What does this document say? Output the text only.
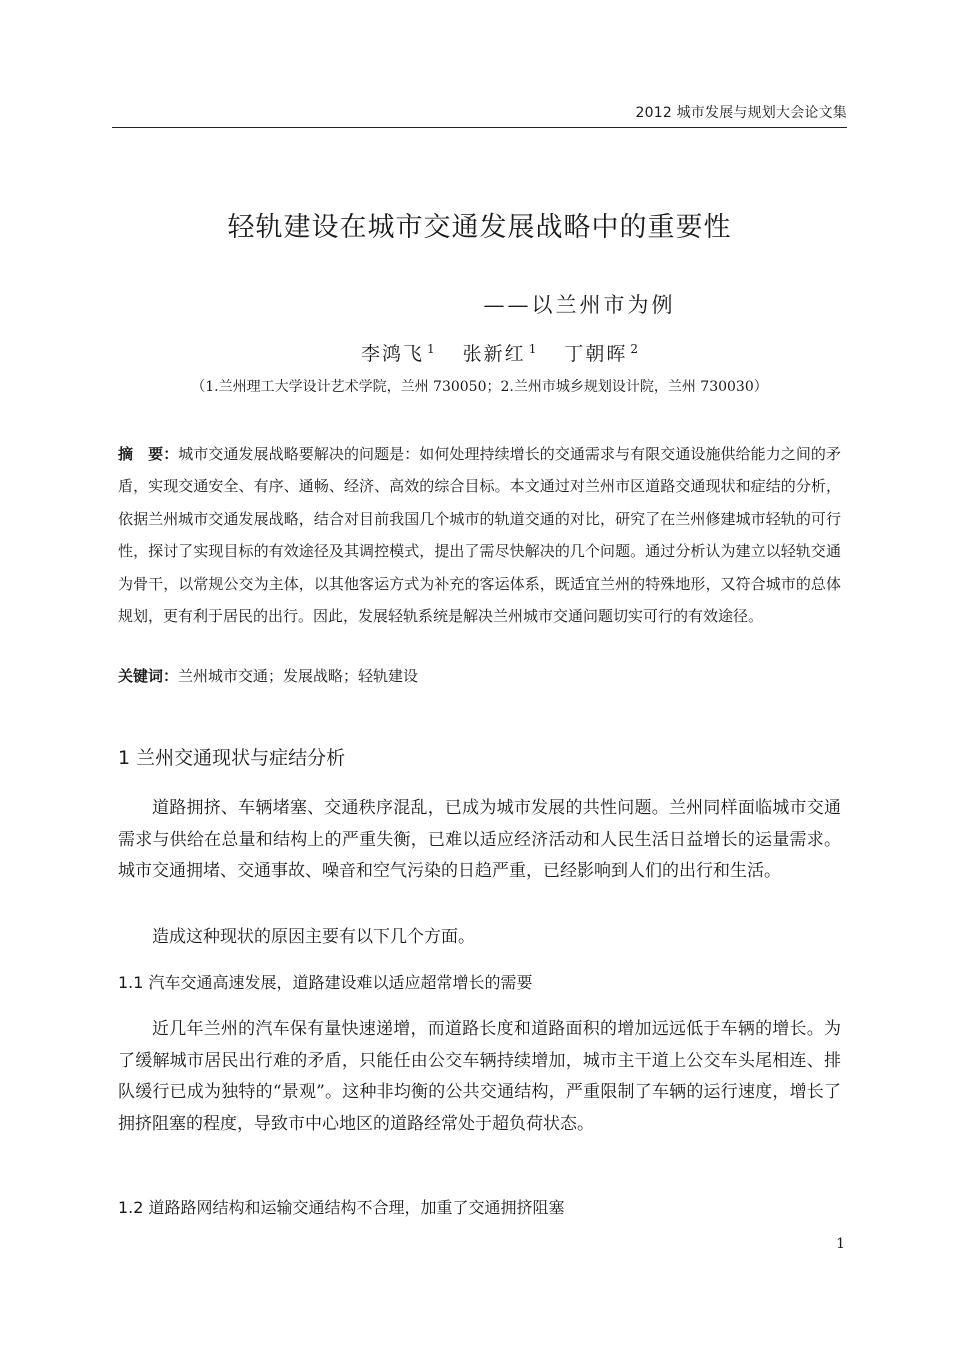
2012 城市发展与规划大会论文集
轻轨建设在城市交通发展战略中的重要性
——以兰州市为例
李鸿飞 $^1$ 张新红 $^1$ 丁朝晖 $^2$
（1.兰州理工大学设计艺术学院，兰州 730050；2.兰州市城乡规划设计院，兰州 730030）

摘　要：城市交通发展战略要解决的问题是：如何处理持续增长的交通需求与有限交通设施供给能力之间的矛盾，实现交通安全、有序、通畅、经济、高效的综合目标。本文通过对兰州市区道路交通现状和症结的分析，依据兰州城市交通发展战略，结合对目前我国几个城市的轨道交通的对比，研究了在兰州修建城市轻轨的可行性，探讨了实现目标的有效途径及其调控模式，提出了需尽快解决的几个问题。通过分析认为建立以轻轨交通为骨干，以常规公交为主体，以其他客运方式为补充的客运体系，既适宜兰州的特殊地形，又符合城市的总体规划，更有利于居民的出行。因此，发展轻轨系统是解决兰州城市交通问题切实可行的有效途径。

关键词：兰州城市交通；发展战略；轻轨建设

1 兰州交通现状与症结分析

道路拥挤、车辆堵塞、交通秩序混乱，已成为城市发展的共性问题。兰州同样面临城市交通需求与供给在总量和结构上的严重失衡，已难以适应经济活动和人民生活日益增长的运量需求。城市交通拥堵、交通事故、噪音和空气污染的日趋严重，已经影响到人们的出行和生活。

造成这种现状的原因主要有以下几个方面。

1.1 汽车交通高速发展，道路建设难以适应超常增长的需要

近几年兰州的汽车保有量快速递增，而道路长度和道路面积的增加远远低于车辆的增长。为了缓解城市居民出行难的矛盾，只能任由公交车辆持续增加，城市主干道上公交车头尾相连、排队缓行已成为独特的“景观”。这种非均衡的公共交通结构，严重限制了车辆的运行速度，增长了拥挤阻塞的程度，导致市中心地区的道路经常处于超负荷状态。

1.2 道路路网结构和运输交通结构不合理，加重了交通拥挤阻塞
1
